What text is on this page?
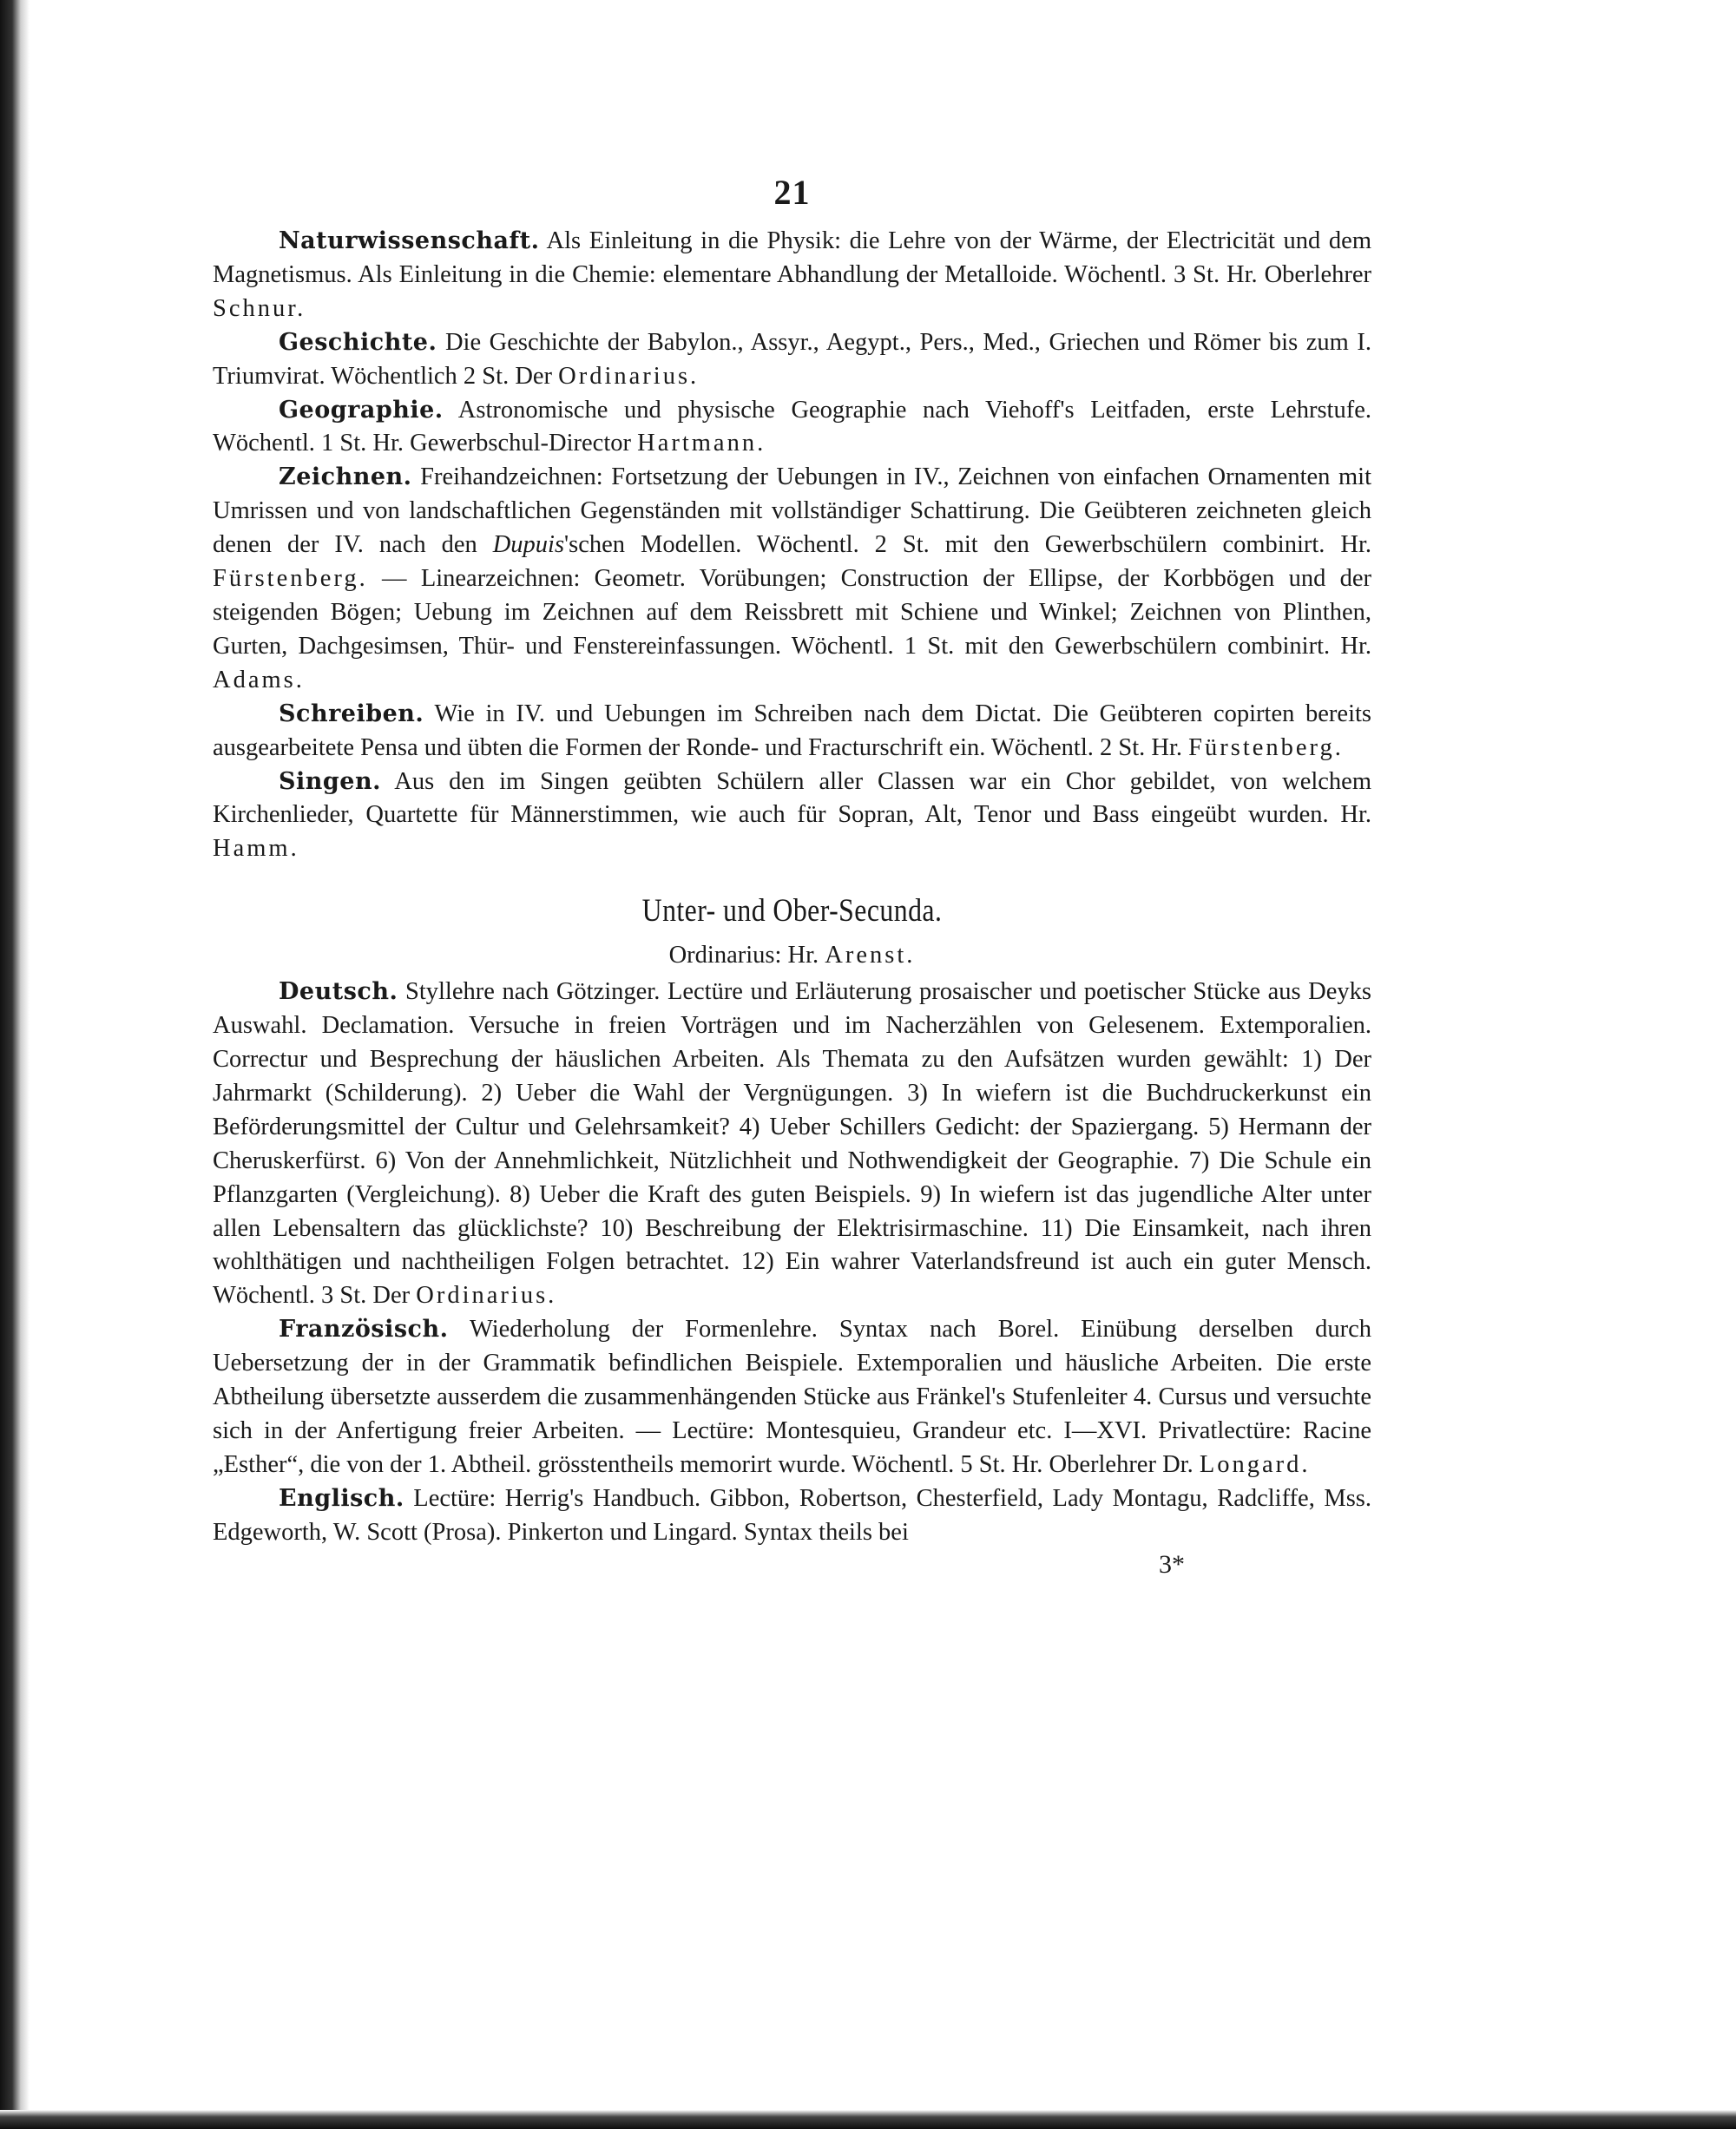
21

Naturwissenschaft. Als Einleitung in die Physik: die Lehre von der Wärme, der Electricität und dem Magnetismus. Als Einleitung in die Chemie: elementare Abhandlung der Metalloide. Wöchentl. 3 St. Hr. Oberlehrer Schnur.

Geschichte. Die Geschichte der Babylon., Assyr., Aegypt., Pers., Med., Griechen und Römer bis zum I. Triumvirat. Wöchentlich 2 St. Der Ordinarius.

Geographie. Astronomische und physische Geographie nach Viehoff's Leitfaden, erste Lehrstufe. Wöchentl. 1 St. Hr. Gewerbschul-Director Hartmann.

Zeichnen. Freihandzeichnen: Fortsetzung der Uebungen in IV., Zeichnen von einfachen Ornamenten mit Umrissen und von landschaftlichen Gegenständen mit vollständiger Schattirung. Die Geübteren zeichneten gleich denen der IV. nach den Dupuis'schen Modellen. Wöchentl. 2 St. mit den Gewerbschülern combinirt. Hr. Fürstenberg. — Linearzeichnen: Geometr. Vorübungen; Construction der Ellipse, der Korbbögen und der steigenden Bögen; Uebung im Zeichnen auf dem Reissbrett mit Schiene und Winkel; Zeichnen von Plinthen, Gurten, Dachgesimsen, Thür- und Fenstereinfassungen. Wöchentl. 1 St. mit den Gewerbschülern combinirt. Hr. Adams.

Schreiben. Wie in IV. und Uebungen im Schreiben nach dem Dictat. Die Geübteren copirten bereits ausgearbeitete Pensa und übten die Formen der Ronde- und Fracturschrift ein. Wöchentl. 2 St. Hr. Fürstenberg.

Singen. Aus den im Singen geübten Schülern aller Classen war ein Chor gebildet, von welchem Kirchenlieder, Quartette für Männerstimmen, wie auch für Sopran, Alt, Tenor und Bass eingeübt wurden. Hr. Hamm.

Unter- und Ober-Secunda.
Ordinarius: Hr. Arenst.

Deutsch. Styllehre nach Götzinger. Lectüre und Erläuterung prosaischer und poetischer Stücke aus Deyks Auswahl. Declamation. Versuche in freien Vorträgen und im Nacherzählen von Gelesenem. Extemporalien. Correctur und Besprechung der häuslichen Arbeiten. Als Themata zu den Aufsätzen wurden gewählt: 1) Der Jahrmarkt (Schilderung). 2) Ueber die Wahl der Vergnügungen. 3) In wiefern ist die Buchdruckerkunst ein Beförderungsmittel der Cultur und Gelehrsamkeit? 4) Ueber Schillers Gedicht: der Spaziergang. 5) Hermann der Cheruskerfürst. 6) Von der Annehmlichkeit, Nützlichheit und Nothwendigkeit der Geographie. 7) Die Schule ein Pflanzgarten (Vergleichung). 8) Ueber die Kraft des guten Beispiels. 9) In wiefern ist das jugendliche Alter unter allen Lebensaltern das glücklichste? 10) Beschreibung der Elektrisirmaschine. 11) Die Einsamkeit, nach ihren wohlthätigen und nachtheiligen Folgen betrachtet. 12) Ein wahrer Vaterlandsfreund ist auch ein guter Mensch. Wöchentl. 3 St. Der Ordinarius.

Französisch. Wiederholung der Formenlehre. Syntax nach Borel. Einübung derselben durch Uebersetzung der in der Grammatik befindlichen Beispiele. Extemporalien und häusliche Arbeiten. Die erste Abtheilung übersetzte ausserdem die zusammenhängenden Stücke aus Fränkel's Stufenleiter 4. Cursus und versuchte sich in der Anfertigung freier Arbeiten. — Lectüre: Montesquieu, Grandeur etc. I—XVI. Privatlectüre: Racine „Esther“, die von der 1. Abtheil. grösstentheils memorirt wurde. Wöchentl. 5 St. Hr. Oberlehrer Dr. Longard.

Englisch. Lectüre: Herrig's Handbuch. Gibbon, Robertson, Chesterfield, Lady Montagu, Radcliffe, Mss. Edgeworth, W. Scott (Prosa). Pinkerton und Lingard. Syntax theils bei

3*
